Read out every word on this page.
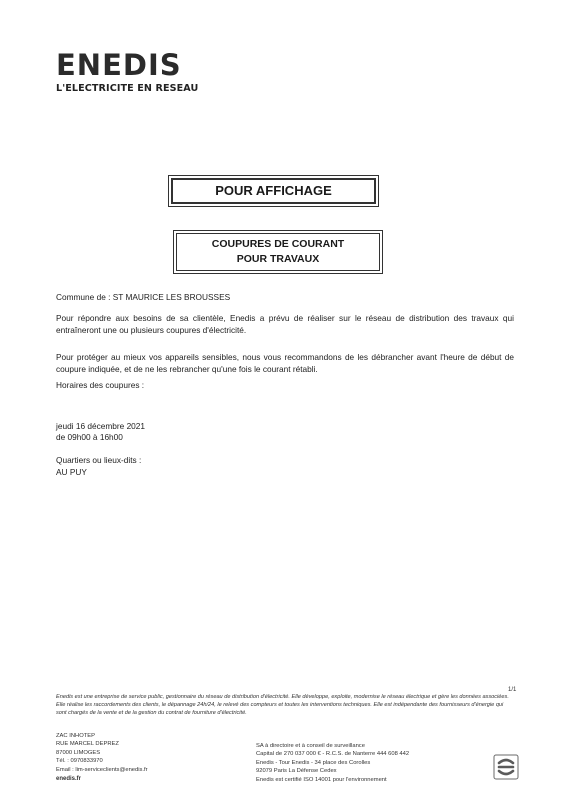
ENEDIS
L'ELECTRICITE EN RESEAU
POUR AFFICHAGE
COUPURES DE COURANT
POUR TRAVAUX
Commune de : ST MAURICE LES BROUSSES
Pour répondre aux besoins de sa clientèle, Enedis a prévu de réaliser sur le réseau de distribution des travaux qui entraîneront une ou plusieurs coupures d'électricité.
Pour protéger au mieux vos appareils sensibles, nous vous recommandons de les débrancher avant l'heure de début de coupure indiquée, et de ne les rebrancher qu'une fois le courant rétabli.
Horaires des coupures :
jeudi 16 décembre 2021
de 09h00 à 16h00
Quartiers ou lieux-dits :
AU PUY
1/1
Enedis est une entreprise de service public, gestionnaire du réseau de distribution d'électricité. Elle développe, exploite, modernise le réseau électrique et gère les données associées. Elle réalise les raccordements des clients, le dépannage 24h/24, le relevé des compteurs et toutes les interventions techniques. Elle est indépendante des fournisseurs d'énergie qui sont chargés de la vente et de la gestion du contrat de fourniture d'électricité.
ZAC INHOTEP
RUE MARCEL DEPREZ
87000 LIMOGES
Tél. : 0970833970
Email : lim-serviceclients@enedis.fr
enedis.fr
SA à directoire et à conseil de surveillance
Capital de 270 037 000 € - R.C.S. de Nanterre 444 608 442
Enedis - Tour Enedis - 34 place des Corolles
92079 Paris La Défense Cedex
Enedis est certifié ISO 14001 pour l'environnement
